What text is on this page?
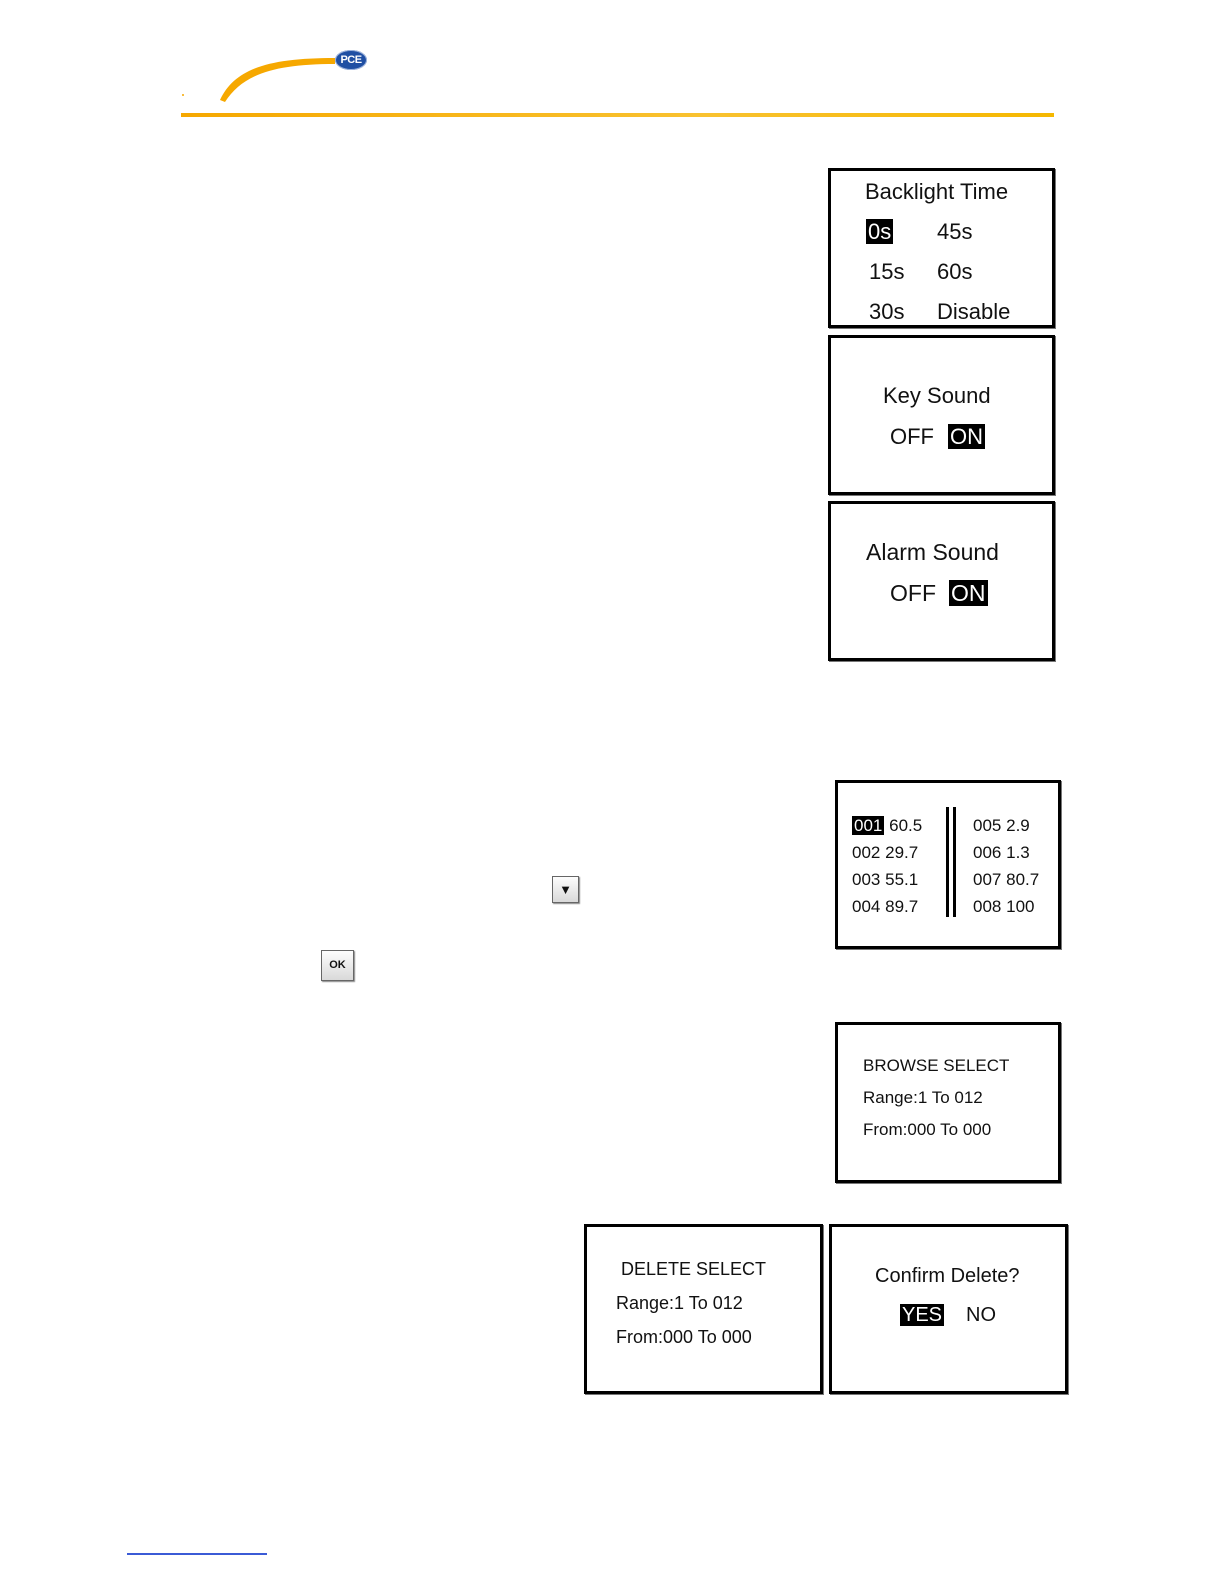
PCE
Backlight Time
0s 45s
15s 60s
30s Disable
Key Sound
OFF ON
Alarm Sound
OFF ON
001 60.5
002 29.7
003 55.1
004 89.7
005 2.9
006 1.3
007 80.7
008 100
▼
OK
BROWSE SELECT
Range:1 To 012
From:000 To 000
DELETE SELECT
Range:1 To 012
From:000 To 000
Confirm Delete?
YES NO
